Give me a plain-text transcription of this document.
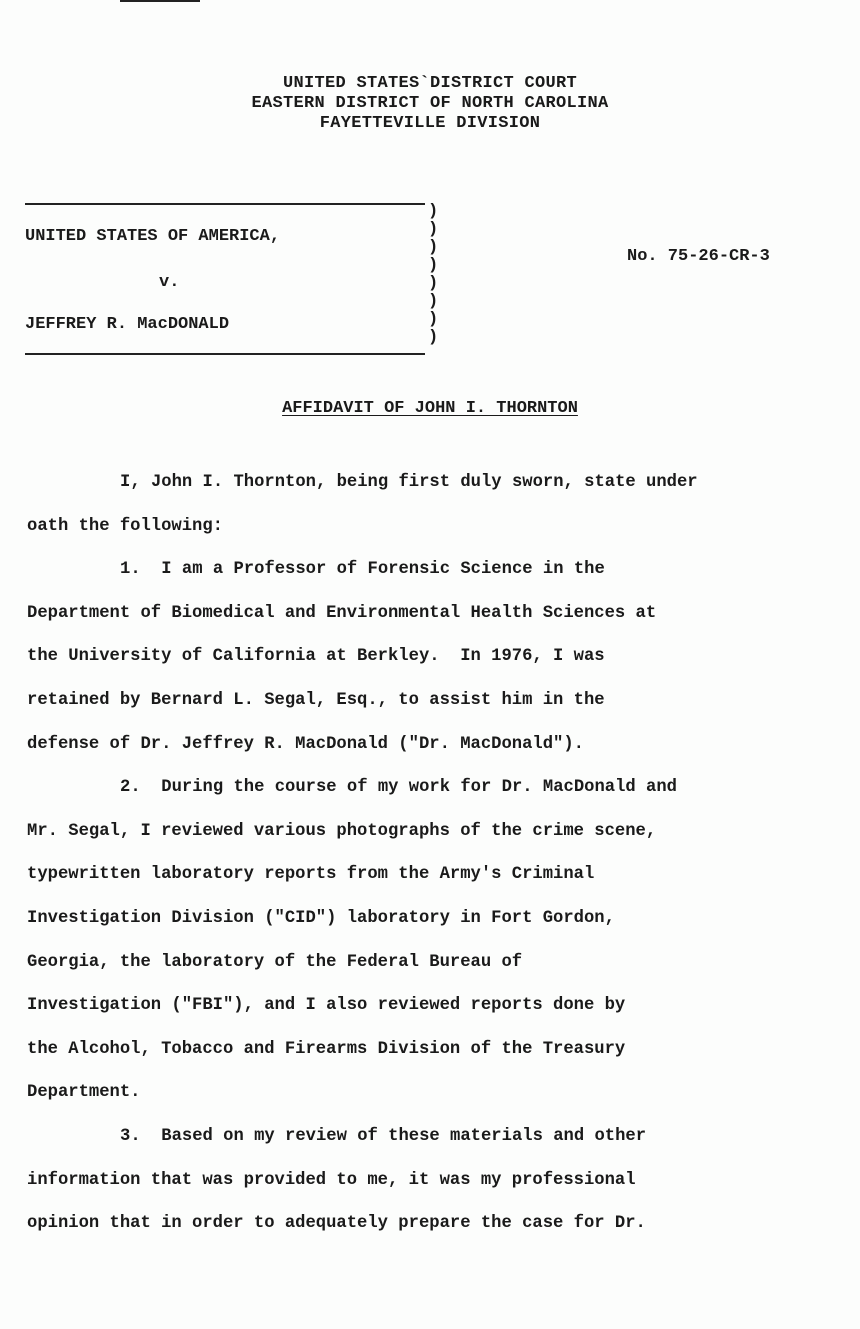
UNITED STATES`DISTRICT COURT
EASTERN DISTRICT OF NORTH CAROLINA
FAYETTEVILLE DIVISION
UNITED STATES OF AMERICA,
v.
JEFFREY R. MacDONALD
)
)
)
)
)
)
)
)
No. 75-26-CR-3
AFFIDAVIT OF JOHN I. THORNTON
I, John I. Thornton, being first duly sworn, state under
oath the following:
1.  I am a Professor of Forensic Science in the
Department of Biomedical and Environmental Health Sciences at
the University of California at Berkley.  In 1976, I was
retained by Bernard L. Segal, Esq., to assist him in the
defense of Dr. Jeffrey R. MacDonald ("Dr. MacDonald").
2.  During the course of my work for Dr. MacDonald and
Mr. Segal, I reviewed various photographs of the crime scene,
typewritten laboratory reports from the Army's Criminal
Investigation Division ("CID") laboratory in Fort Gordon,
Georgia, the laboratory of the Federal Bureau of
Investigation ("FBI"), and I also reviewed reports done by
the Alcohol, Tobacco and Firearms Division of the Treasury
Department.
3.  Based on my review of these materials and other
information that was provided to me, it was my professional
opinion that in order to adequately prepare the case for Dr.
